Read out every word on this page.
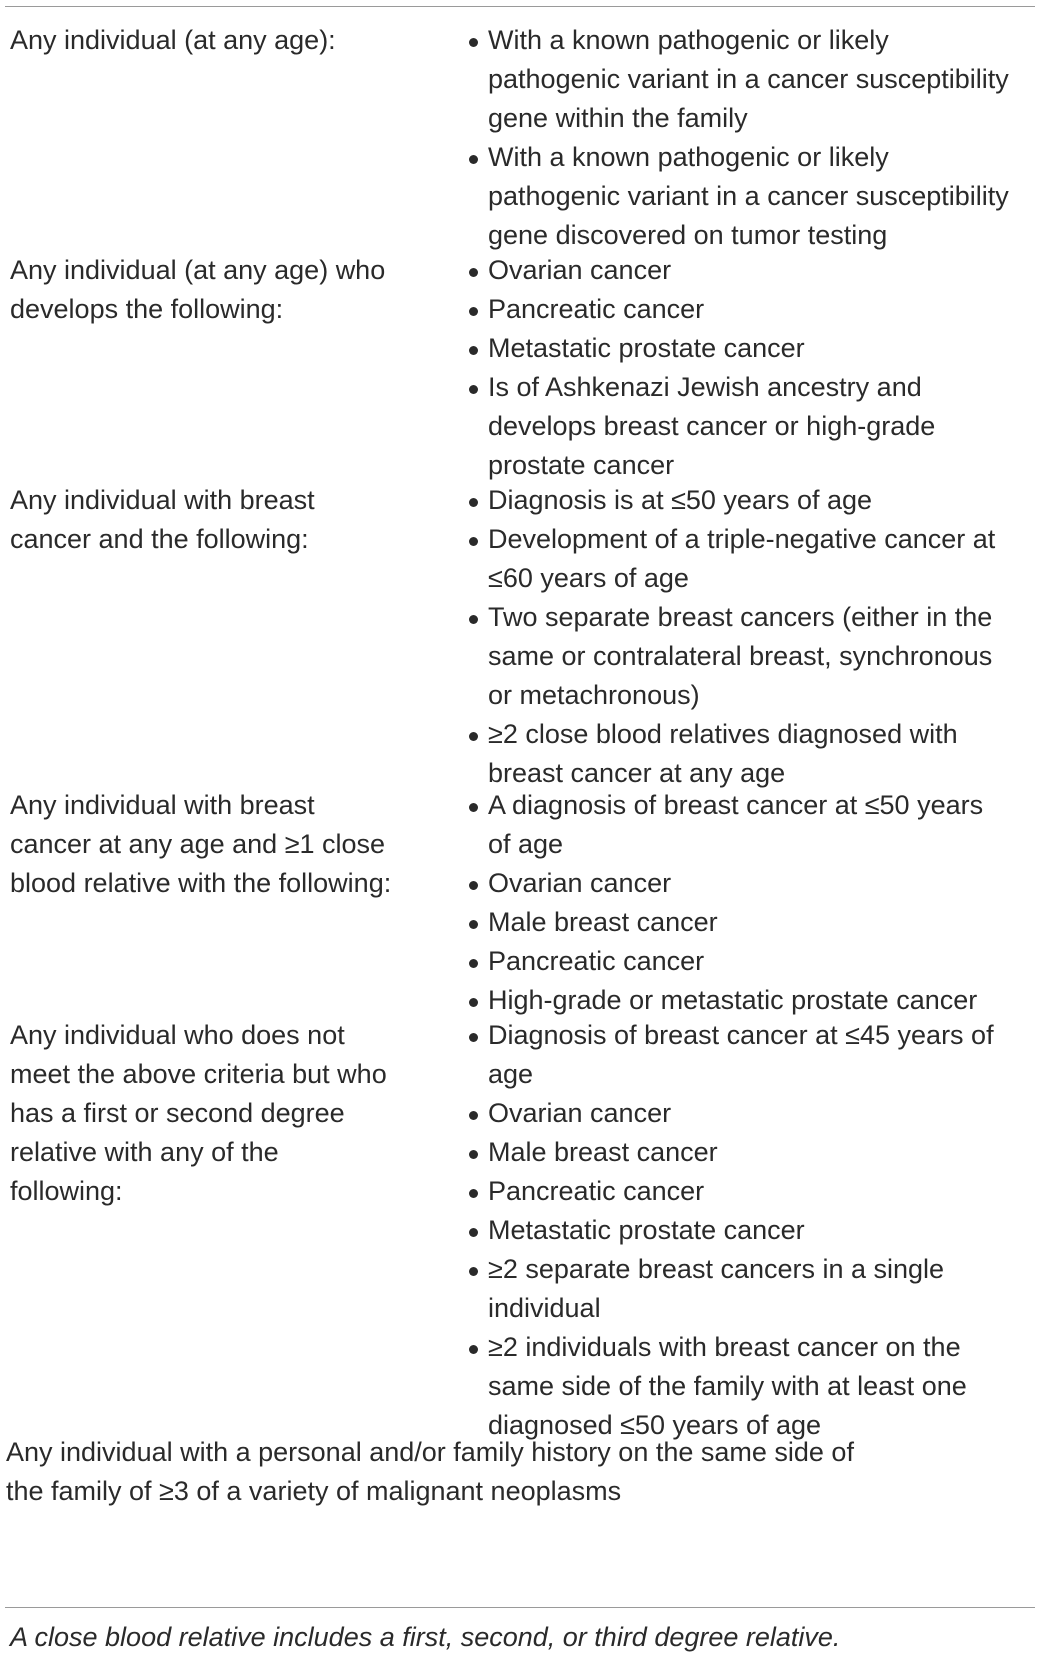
Any individual (at any age):	With a known pathogenic or likely
pathogenic variant in a cancer susceptibility
gene within the family
With a known pathogenic or likely
pathogenic variant in a cancer susceptibility
gene discovered on tumor testing
Any individual (at any age) who
develops the following:
Ovarian cancer
Pancreatic cancer
Metastatic prostate cancer
Is of Ashkenazi Jewish ancestry and
develops breast cancer or high-grade
prostate cancer
Any individual with breast
cancer and the following:
Diagnosis is at ≤50 years of age
Development of a triple-negative cancer at
≤60 years of age
Two separate breast cancers (either in the
same or contralateral breast, synchronous
or metachronous)
≥2 close blood relatives diagnosed with
breast cancer at any age
Any individual with breast
cancer at any age and ≥1 close
blood relative with the following:
A diagnosis of breast cancer at ≤50 years
of age
Ovarian cancer
Male breast cancer
Pancreatic cancer
High-grade or metastatic prostate cancer
Any individual who does not
meet the above criteria but who
has a first or second degree
relative with any of the
following:
Diagnosis of breast cancer at ≤45 years of
age
Ovarian cancer
Male breast cancer
Pancreatic cancer
Metastatic prostate cancer
≥2 separate breast cancers in a single
individual
≥2 individuals with breast cancer on the
same side of the family with at least one
diagnosed ≤50 years of age
Any individual with a personal and/or family history on the same side of
the family of ≥3 of a variety of malignant neoplasms
A close blood relative includes a first, second, or third degree relative.
